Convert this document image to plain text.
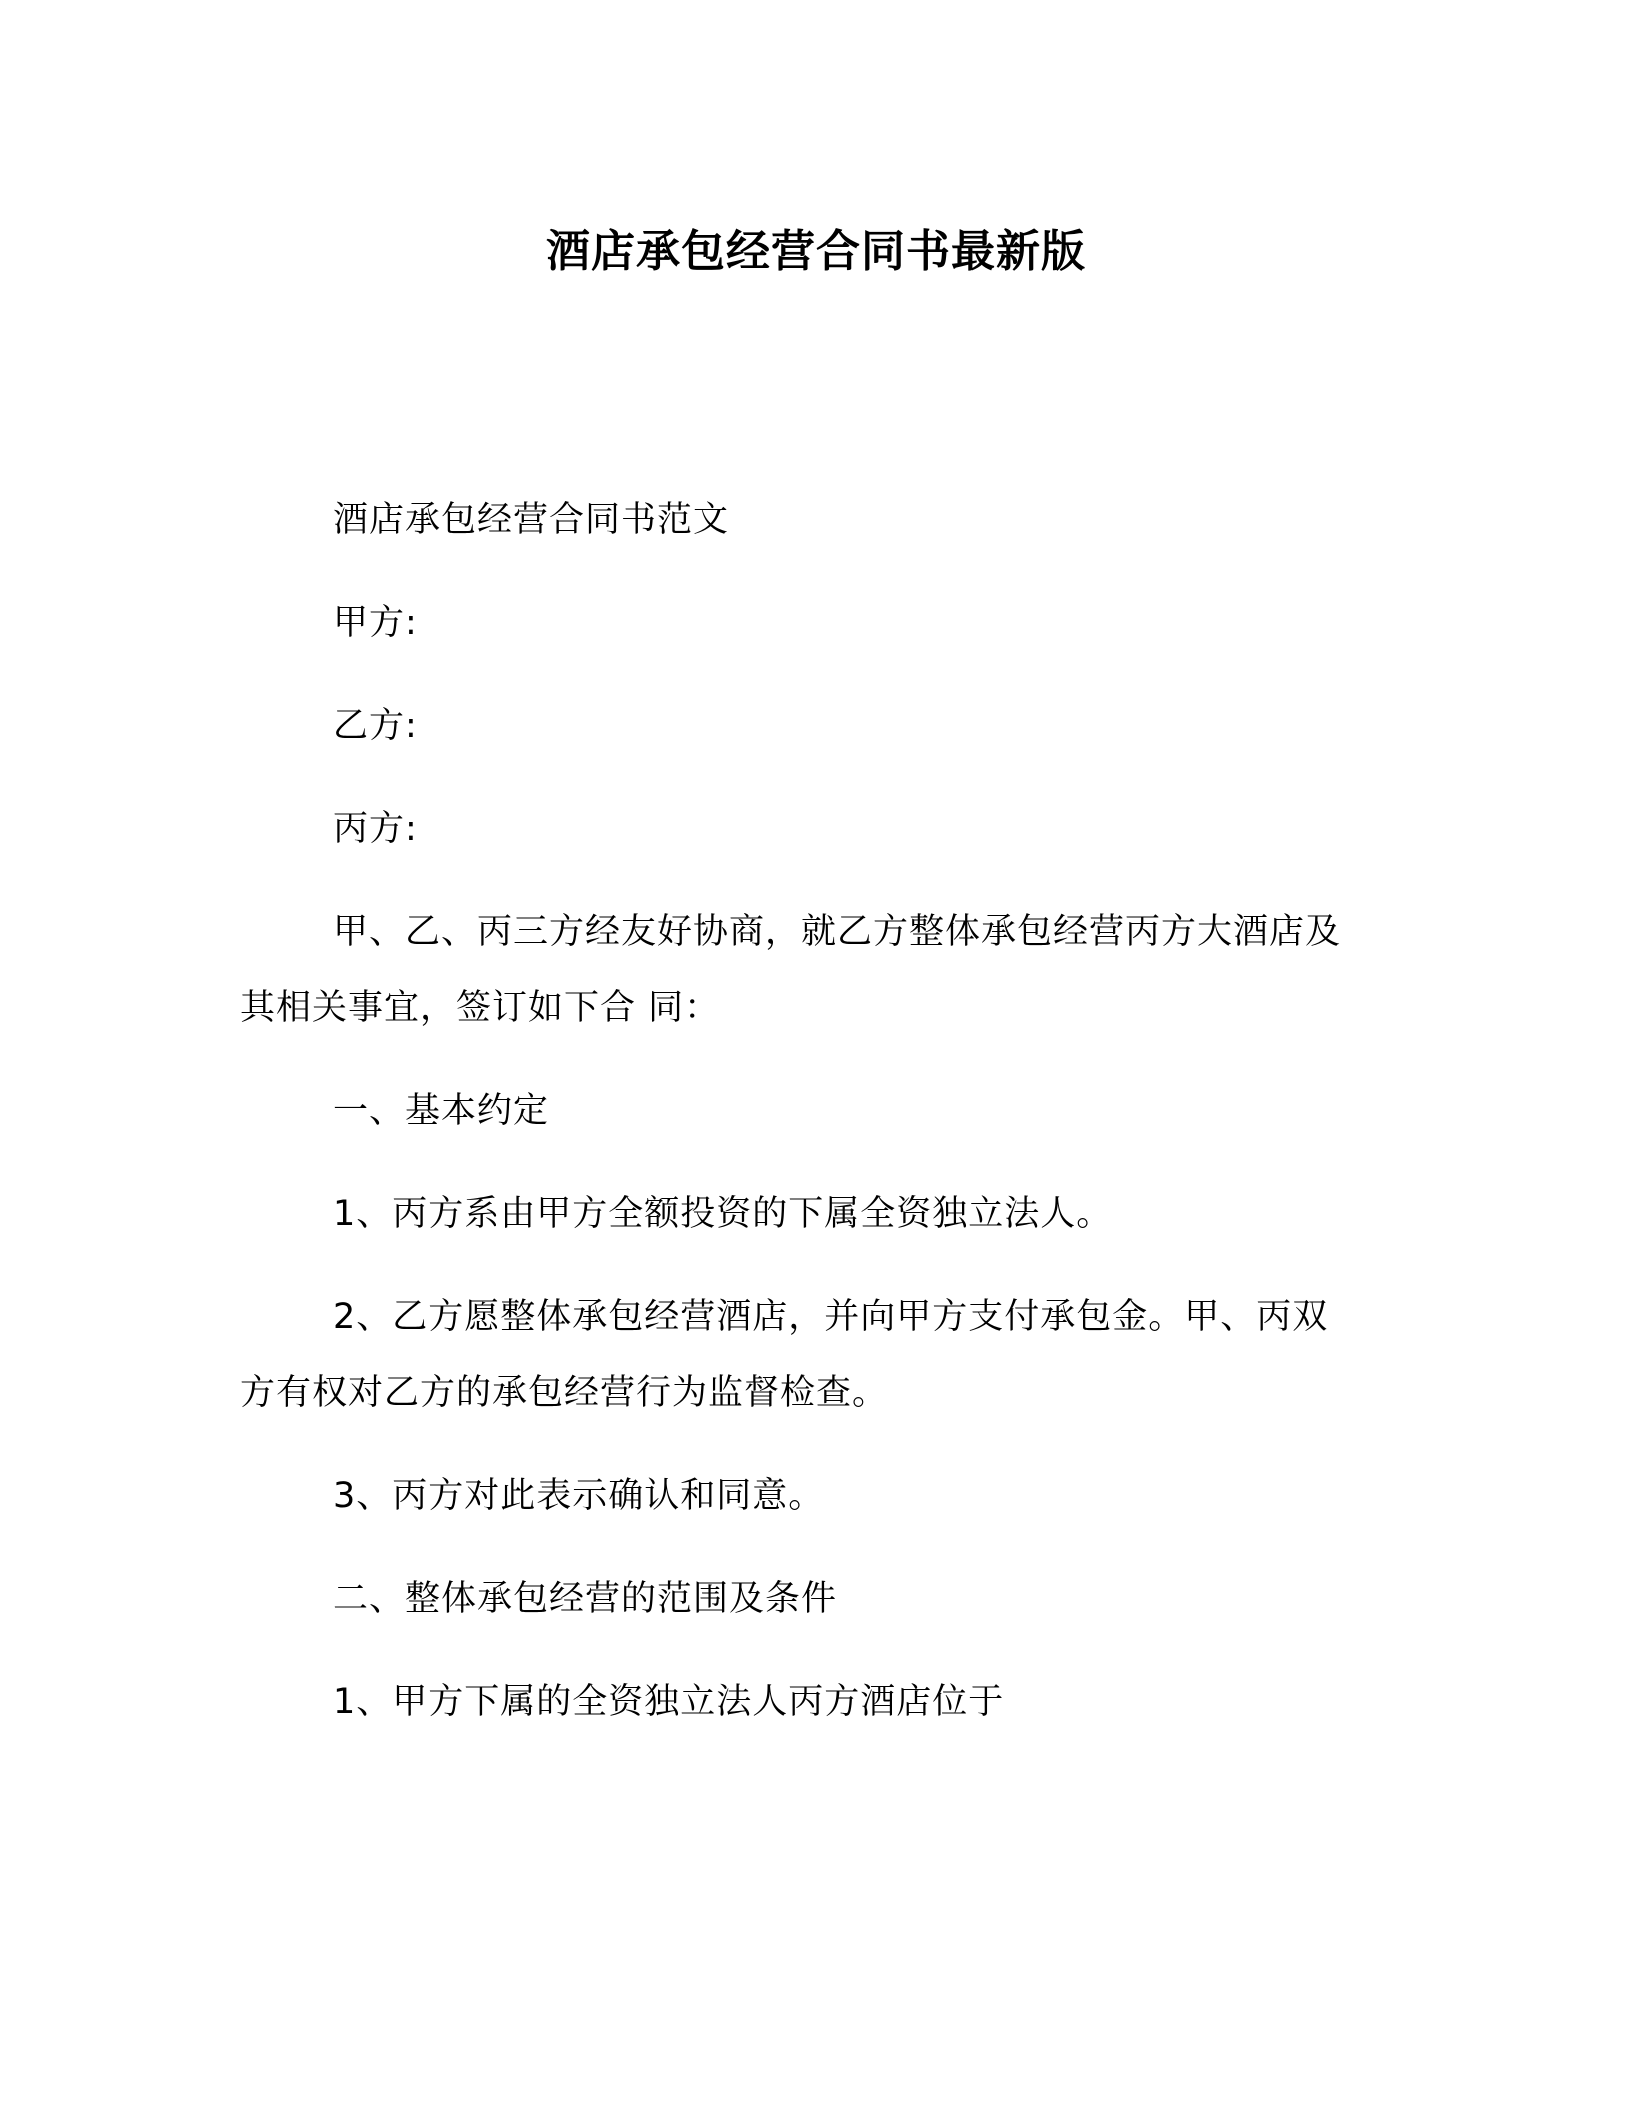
酒店承包经营合同书最新版
酒店承包经营合同书范文
甲方:
乙方:
丙方:
甲、乙、丙三方经友好协商，就乙方整体承包经营丙方大酒店及
其相关事宜，签订如下合 同：
一、基本约定
1、丙方系由甲方全额投资的下属全资独立法人。
2、乙方愿整体承包经营酒店，并向甲方支付承包金。甲、丙双
方有权对乙方的承包经营行为监督检查。
3、丙方对此表示确认和同意。
二、整体承包经营的范围及条件
1、甲方下属的全资独立法人丙方酒店位于
